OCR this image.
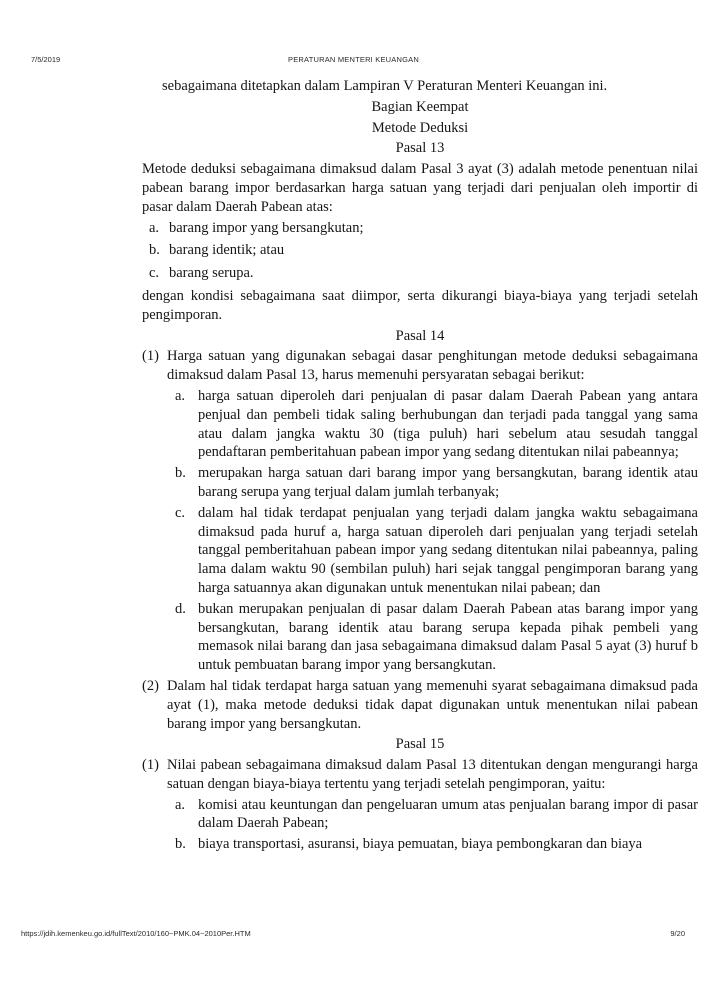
7/5/2019	PERATURAN MENTERI KEUANGAN

sebagaimana ditetapkan dalam Lampiran V Peraturan Menteri Keuangan ini.

Bagian Keempat

Metode Deduksi

Pasal 13

Metode deduksi sebagaimana dimaksud dalam Pasal 3 ayat (3) adalah metode penentuan nilai pabean barang impor berdasarkan harga satuan yang terjadi dari penjualan oleh importir di pasar dalam Daerah Pabean atas:

a. barang impor yang bersangkutan;
b. barang identik; atau
c. barang serupa.

dengan kondisi sebagaimana saat diimpor, serta dikurangi biaya-biaya yang terjadi setelah pengimporan.

Pasal 14

(1) Harga satuan yang digunakan sebagai dasar penghitungan metode deduksi sebagaimana dimaksud dalam Pasal 13, harus memenuhi persyaratan sebagai berikut:
a. harga satuan diperoleh dari penjualan di pasar dalam Daerah Pabean yang antara penjual dan pembeli tidak saling berhubungan dan terjadi pada tanggal yang sama atau dalam jangka waktu 30 (tiga puluh) hari sebelum atau sesudah tanggal pendaftaran pemberitahuan pabean impor yang sedang ditentukan nilai pabeannya;
b. merupakan harga satuan dari barang impor yang bersangkutan, barang identik atau barang serupa yang terjual dalam jumlah terbanyak;
c. dalam hal tidak terdapat penjualan yang terjadi dalam jangka waktu sebagaimana dimaksud pada huruf a, harga satuan diperoleh dari penjualan yang terjadi setelah tanggal pemberitahuan pabean impor yang sedang ditentukan nilai pabeannya, paling lama dalam waktu 90 (sembilan puluh) hari sejak tanggal pengimporan barang yang harga satuannya akan digunakan untuk menentukan nilai pabean; dan
d. bukan merupakan penjualan di pasar dalam Daerah Pabean atas barang impor yang bersangkutan, barang identik atau barang serupa kepada pihak pembeli yang memasok nilai barang dan jasa sebagaimana dimaksud dalam Pasal 5 ayat (3) huruf b untuk pembuatan barang impor yang bersangkutan.
(2) Dalam hal tidak terdapat harga satuan yang memenuhi syarat sebagaimana dimaksud pada ayat (1), maka metode deduksi tidak dapat digunakan untuk menentukan nilai pabean barang impor yang bersangkutan.

Pasal 15

(1) Nilai pabean sebagaimana dimaksud dalam Pasal 13 ditentukan dengan mengurangi harga satuan dengan biaya-biaya tertentu yang terjadi setelah pengimporan, yaitu:
a. komisi atau keuntungan dan pengeluaran umum atas penjualan barang impor di pasar dalam Daerah Pabean;
b. biaya transportasi, asuransi, biaya pemuatan, biaya pembongkaran dan biaya
https://jdih.kemenkeu.go.id/fullText/2010/160~PMK.04~2010Per.HTM	9/20
